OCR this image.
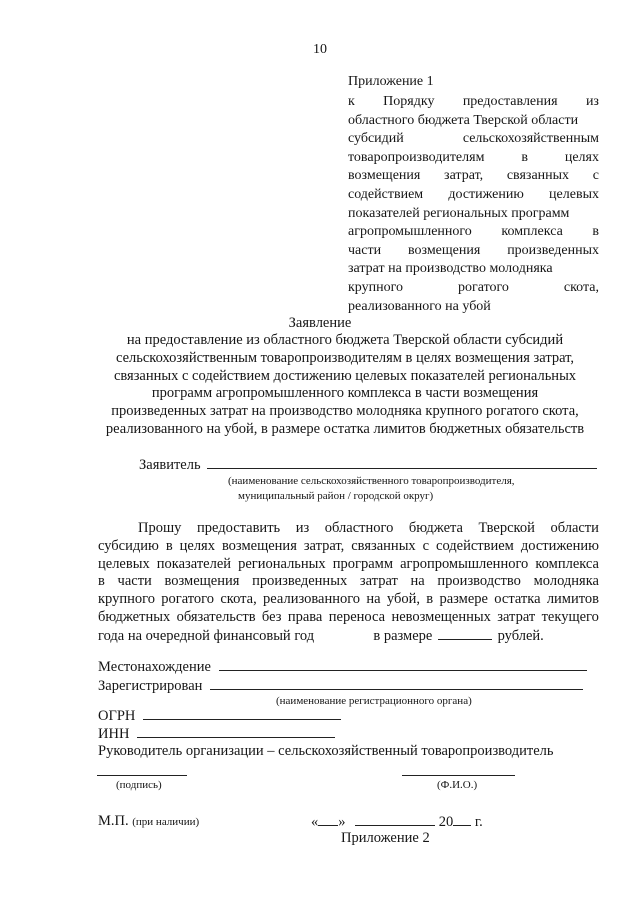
10
Приложение 1
к Порядку предоставления из
областного бюджета Тверской области
субсидий	сельскохозяйственным
товаропроизводителям	в	целях
возмещения затрат, связанных с
содействием достижению целевых
показателей региональных программ
агропромышленного комплекса в
части возмещения произведенных
затрат на производство молодняка
крупного	рогатого	скота,
реализованного на убой
Заявление
на предоставление из областного бюджета Тверской области субсидий
сельскохозяйственным товаропроизводителям в целях возмещения затрат,
связанных с содействием достижению целевых показателей региональных
программ агропромышленного комплекса в части возмещения
произведенных затрат на производство молодняка крупного рогатого скота,
реализованного на убой, в размере остатка лимитов бюджетных обязательств
Заявитель
(наименование сельскохозяйственного товаропроизводителя,
муниципальный район / городской округ)
Прошу предоставить из областного бюджета Тверской области
субсидию в целях возмещения затрат, связанных с содействием достижению
целевых показателей региональных программ агропромышленного комплекса
в части возмещения произведенных затрат на производство молодняка
крупного рогатого скота, реализованного на убой, в размере остатка лимитов
бюджетных обязательств без права переноса невозмещенных затрат текущего
года на очередной финансовый год	в размере	рублей.
Местонахождение
Зарегистрирован
(наименование регистрационного органа)
ОГРН
ИНН
Руководитель организации – сельскохозяйственный товаропроизводитель
(подпись)	(Ф.И.О.)
М.П. (при наличии)	« »	20 г.
Приложение 2
